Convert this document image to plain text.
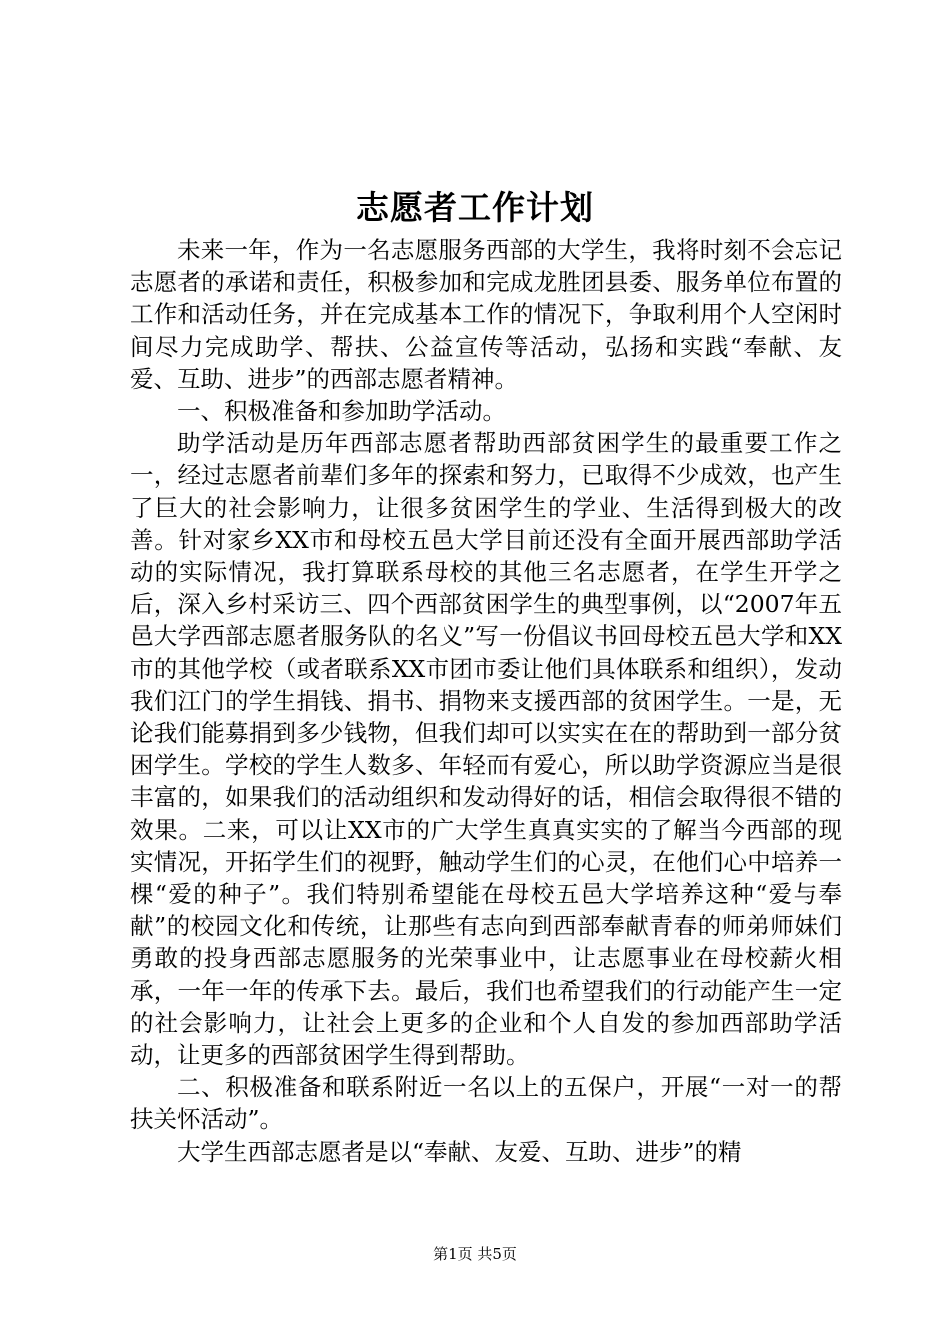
志愿者工作计划

未来一年，作为一名志愿服务西部的大学生，我将时刻不会忘记志愿者的承诺和责任，积极参加和完成龙胜团县委、服务单位布置的工作和活动任务，并在完成基本工作的情况下，争取利用个人空闲时间尽力完成助学、帮扶、公益宣传等活动，弘扬和实践“奉献、友爱、互助、进步”的西部志愿者精神。

一、积极准备和参加助学活动。

助学活动是历年西部志愿者帮助西部贫困学生的最重要工作之一，经过志愿者前辈们多年的探索和努力，已取得不少成效，也产生了巨大的社会影响力，让很多贫困学生的学业、生活得到极大的改善。针对家乡XX市和母校五邑大学目前还没有全面开展西部助学活动的实际情况，我打算联系母校的其他三名志愿者，在学生开学之后，深入乡村采访三、四个西部贫困学生的典型事例，以“2007年五邑大学西部志愿者服务队的名义”写一份倡议书回母校五邑大学和XX市的其他学校（或者联系XX市团市委让他们具体联系和组织），发动我们江门的学生捐钱、捐书、捐物来支援西部的贫困学生。一是，无论我们能募捐到多少钱物，但我们却可以实实在在的帮助到一部分贫困学生。学校的学生人数多、年轻而有爱心，所以助学资源应当是很丰富的，如果我们的活动组织和发动得好的话，相信会取得很不错的效果。二来，可以让XX市的广大学生真真实实的了解当今西部的现实情况，开拓学生们的视野，触动学生们的心灵，在他们心中培养一棵“爱的种子”。我们特别希望能在母校五邑大学培养这种“爱与奉献”的校园文化和传统，让那些有志向到西部奉献青春的师弟师妹们勇敢的投身西部志愿服务的光荣事业中，让志愿事业在母校薪火相承，一年一年的传承下去。最后，我们也希望我们的行动能产生一定的社会影响力，让社会上更多的企业和个人自发的参加西部助学活动，让更多的西部贫困学生得到帮助。

二、积极准备和联系附近一名以上的五保户，开展“一对一的帮扶关怀活动”。

大学生西部志愿者是以“奉献、友爱、互助、进步”的精

第1页 共5页
